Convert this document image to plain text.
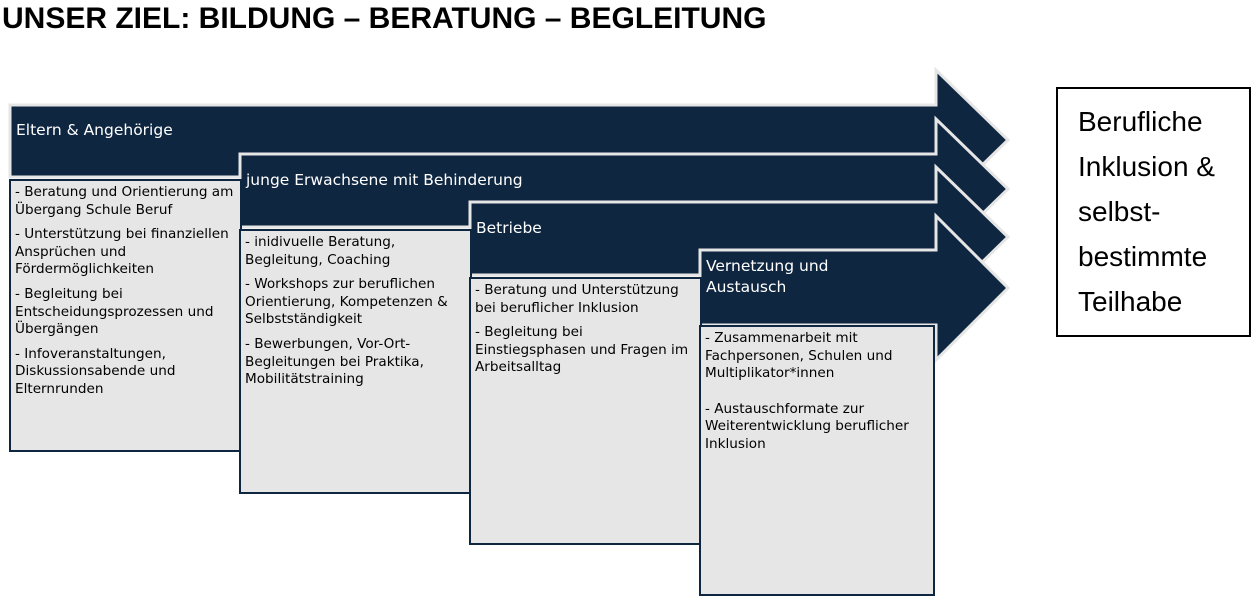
UNSER ZIEL: BILDUNG – BERATUNG – BEGLEITUNG
Eltern & Angehörige
junge Erwachsene mit Behinderung
Betriebe
Vernetzung und Austausch
- Beratung und Orientierung am Übergang Schule Beruf
- Unterstützung bei finanziellen Ansprüchen und Fördermöglichkeiten
- Begleitung bei Entscheidungsprozessen und Übergängen
- Infoveranstaltungen, Diskussionsabende und Elternrunden
- inidivuelle Beratung, Begleitung, Coaching
- Workshops zur beruflichen Orientierung, Kompetenzen & Selbstständigkeit
- Bewerbungen, Vor-Ort-Begleitungen bei Praktika, Mobilitätstraining
- Beratung und Unterstützung bei beruflicher Inklusion
- Begleitung bei Einstiegsphasen und Fragen im Arbeitsalltag
- Zusammenarbeit mit Fachpersonen, Schulen und Multiplikator*innen
- Austauschformate zur Weiterentwicklung beruflicher Inklusion
Berufliche
Inklusion &
selbst-
bestimmte
Teilhabe
